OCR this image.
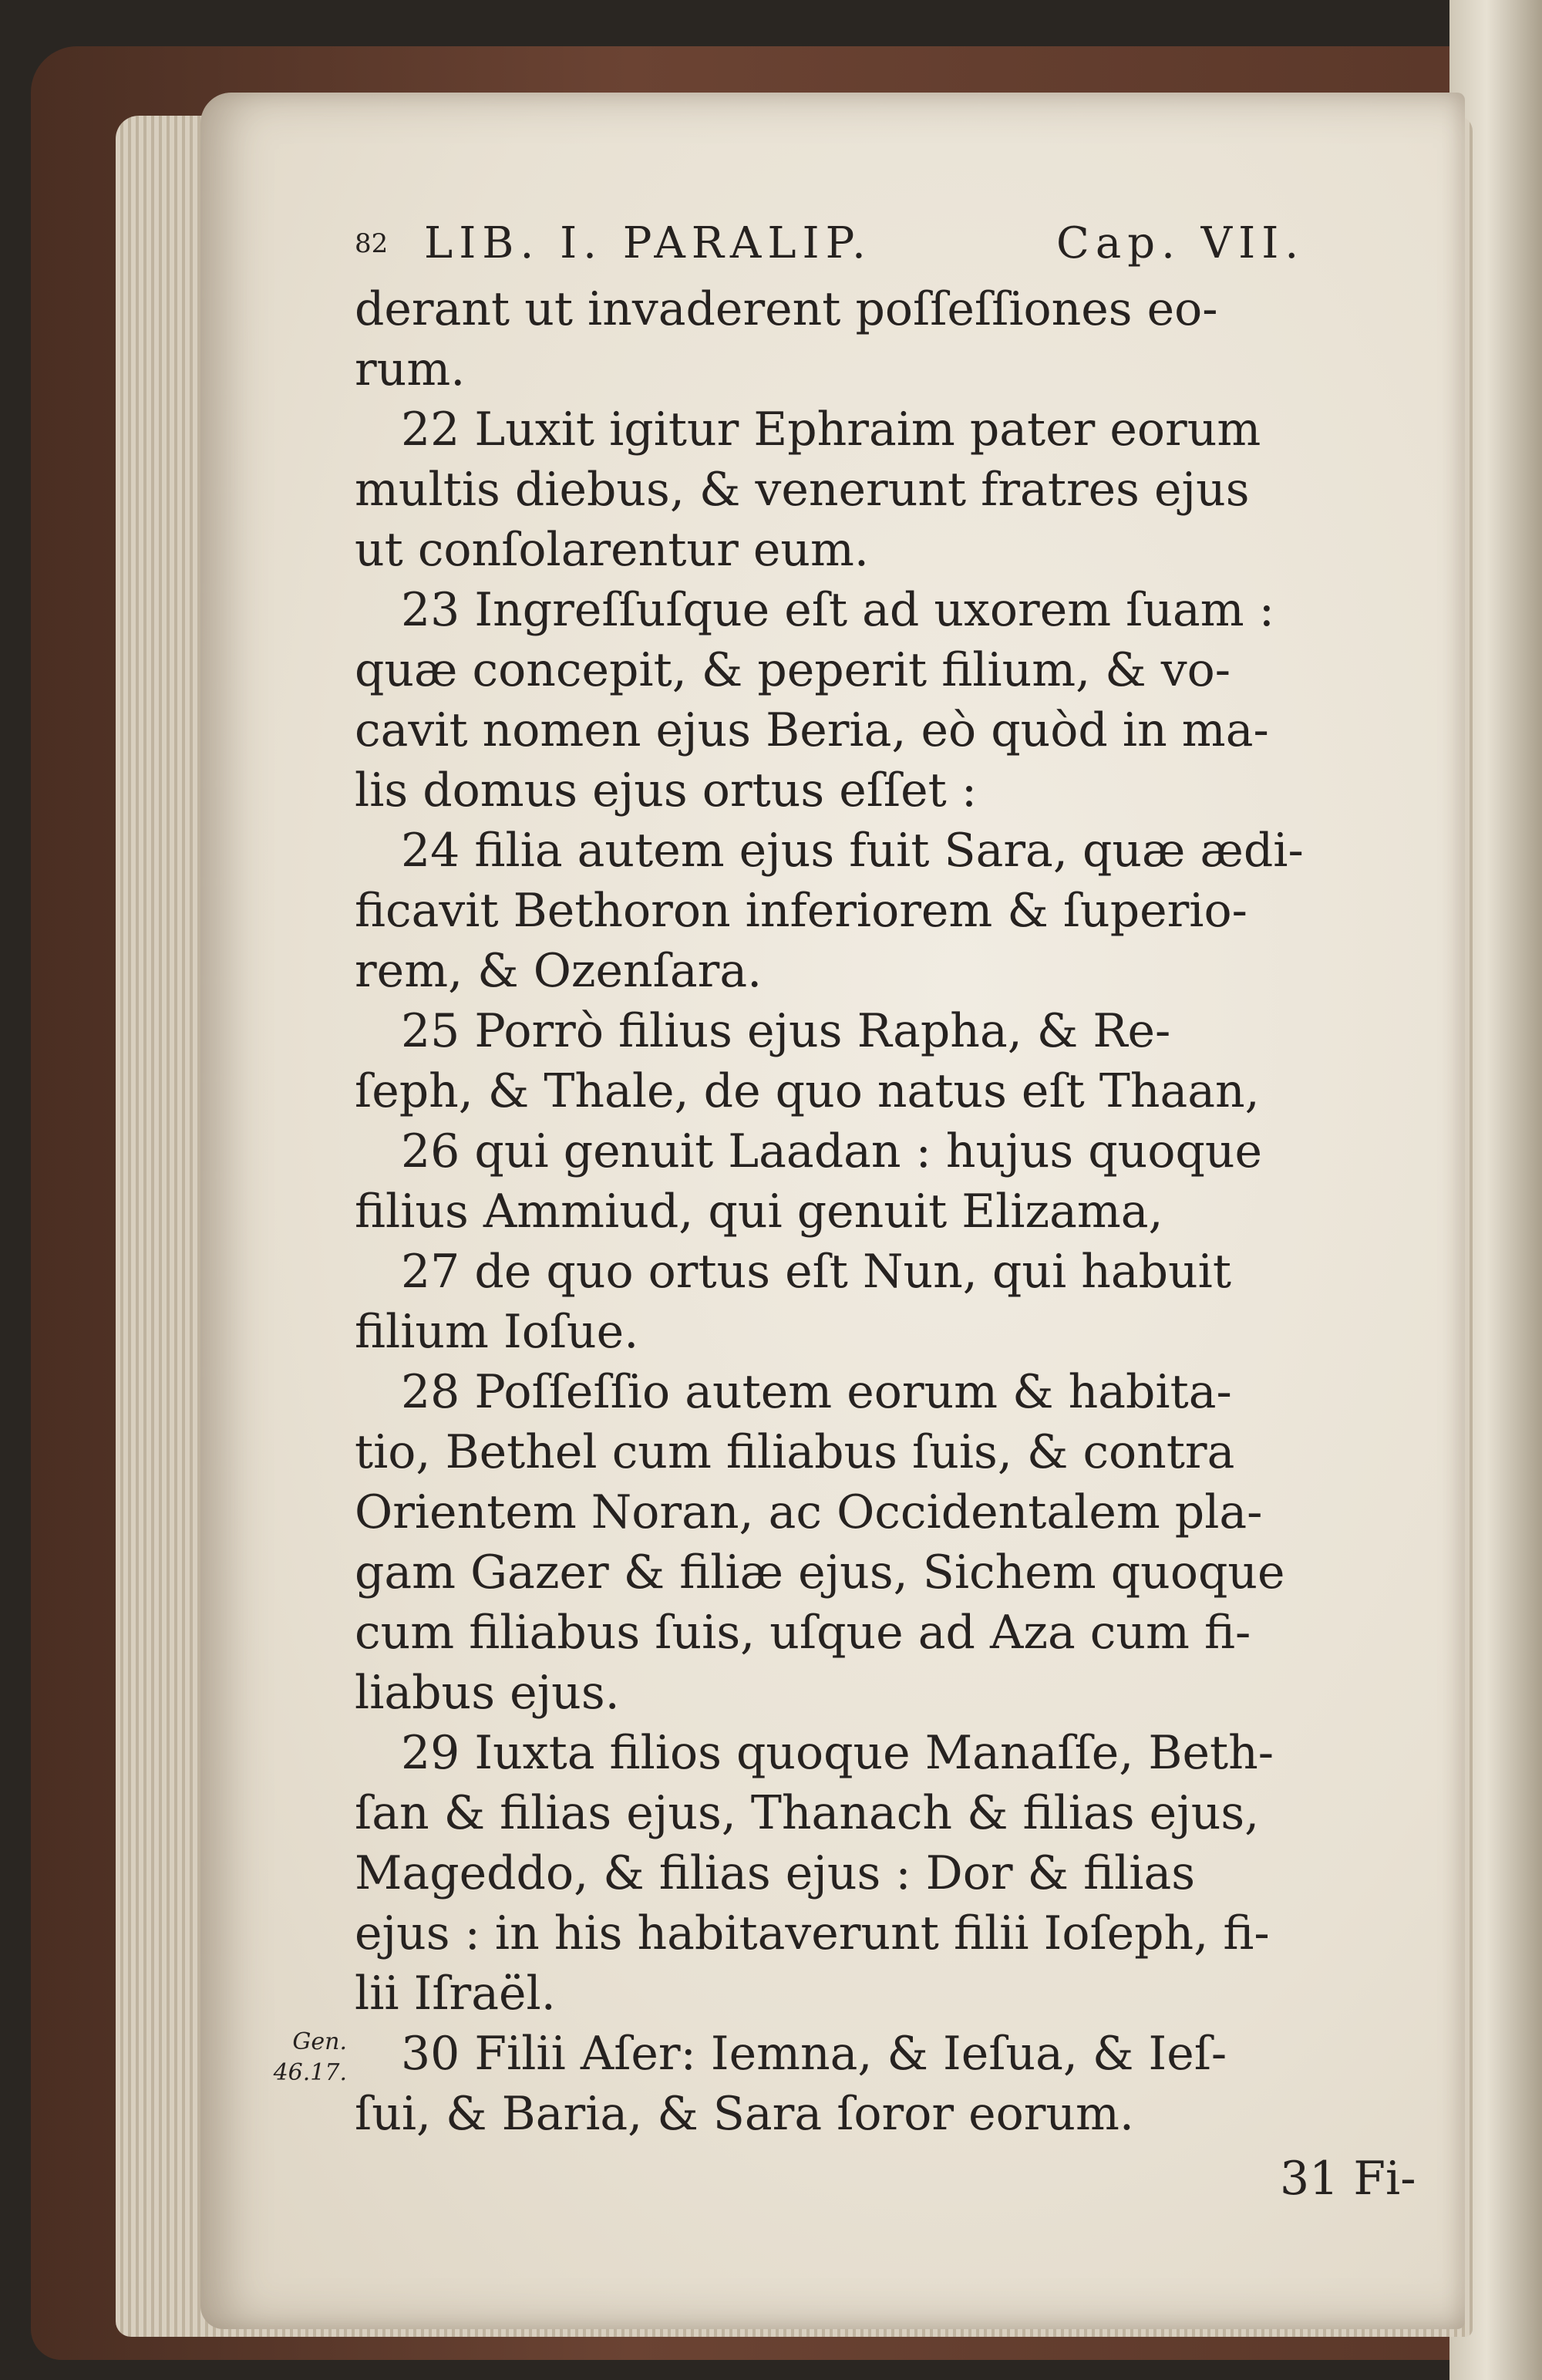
82 LIB. I. PARALIP.	Cap. VII.
derant ut invaderent poſſeſſiones eo-
rum.
22 Luxit igitur Ephraim pater eorum
multis diebus, & venerunt fratres ejus
ut conſolarentur eum.
23 Ingreſſuſque eſt ad uxorem ſuam :
quæ concepit, & peperit filium, & vo-
cavit nomen ejus Beria, eò quòd in ma-
lis domus ejus ortus eſſet :
24 filia autem ejus fuit Sara, quæ ædi-
ficavit Bethoron inferiorem & ſuperio-
rem, & Ozenſara.
25 Porrò filius ejus Rapha, & Re-
ſeph, & Thale, de quo natus eſt Thaan,
26 qui genuit Laadan : hujus quoque
filius Ammiud, qui genuit Elizama,
27 de quo ortus eſt Nun, qui habuit
filium Ioſue.
28 Poſſeſſio autem eorum & habita-
tio, Bethel cum filiabus ſuis, & contra
Orientem Noran, ac Occidentalem pla-
gam Gazer & filiæ ejus, Sichem quoque
cum filiabus ſuis, uſque ad Aza cum fi-
liabus ejus.
29 Iuxta filios quoque Manaſſe, Beth-
ſan & filias ejus, Thanach & filias ejus,
Mageddo, & filias ejus : Dor & filias
ejus : in his habitaverunt filii Ioſeph, fi-
lii Iſraël.
30 Filii Aſer: Iemna, & Ieſua, & Ieſ-
ſui, & Baria, & Sara ſoror eorum.
Gen.
46.17.
31 Fi-
